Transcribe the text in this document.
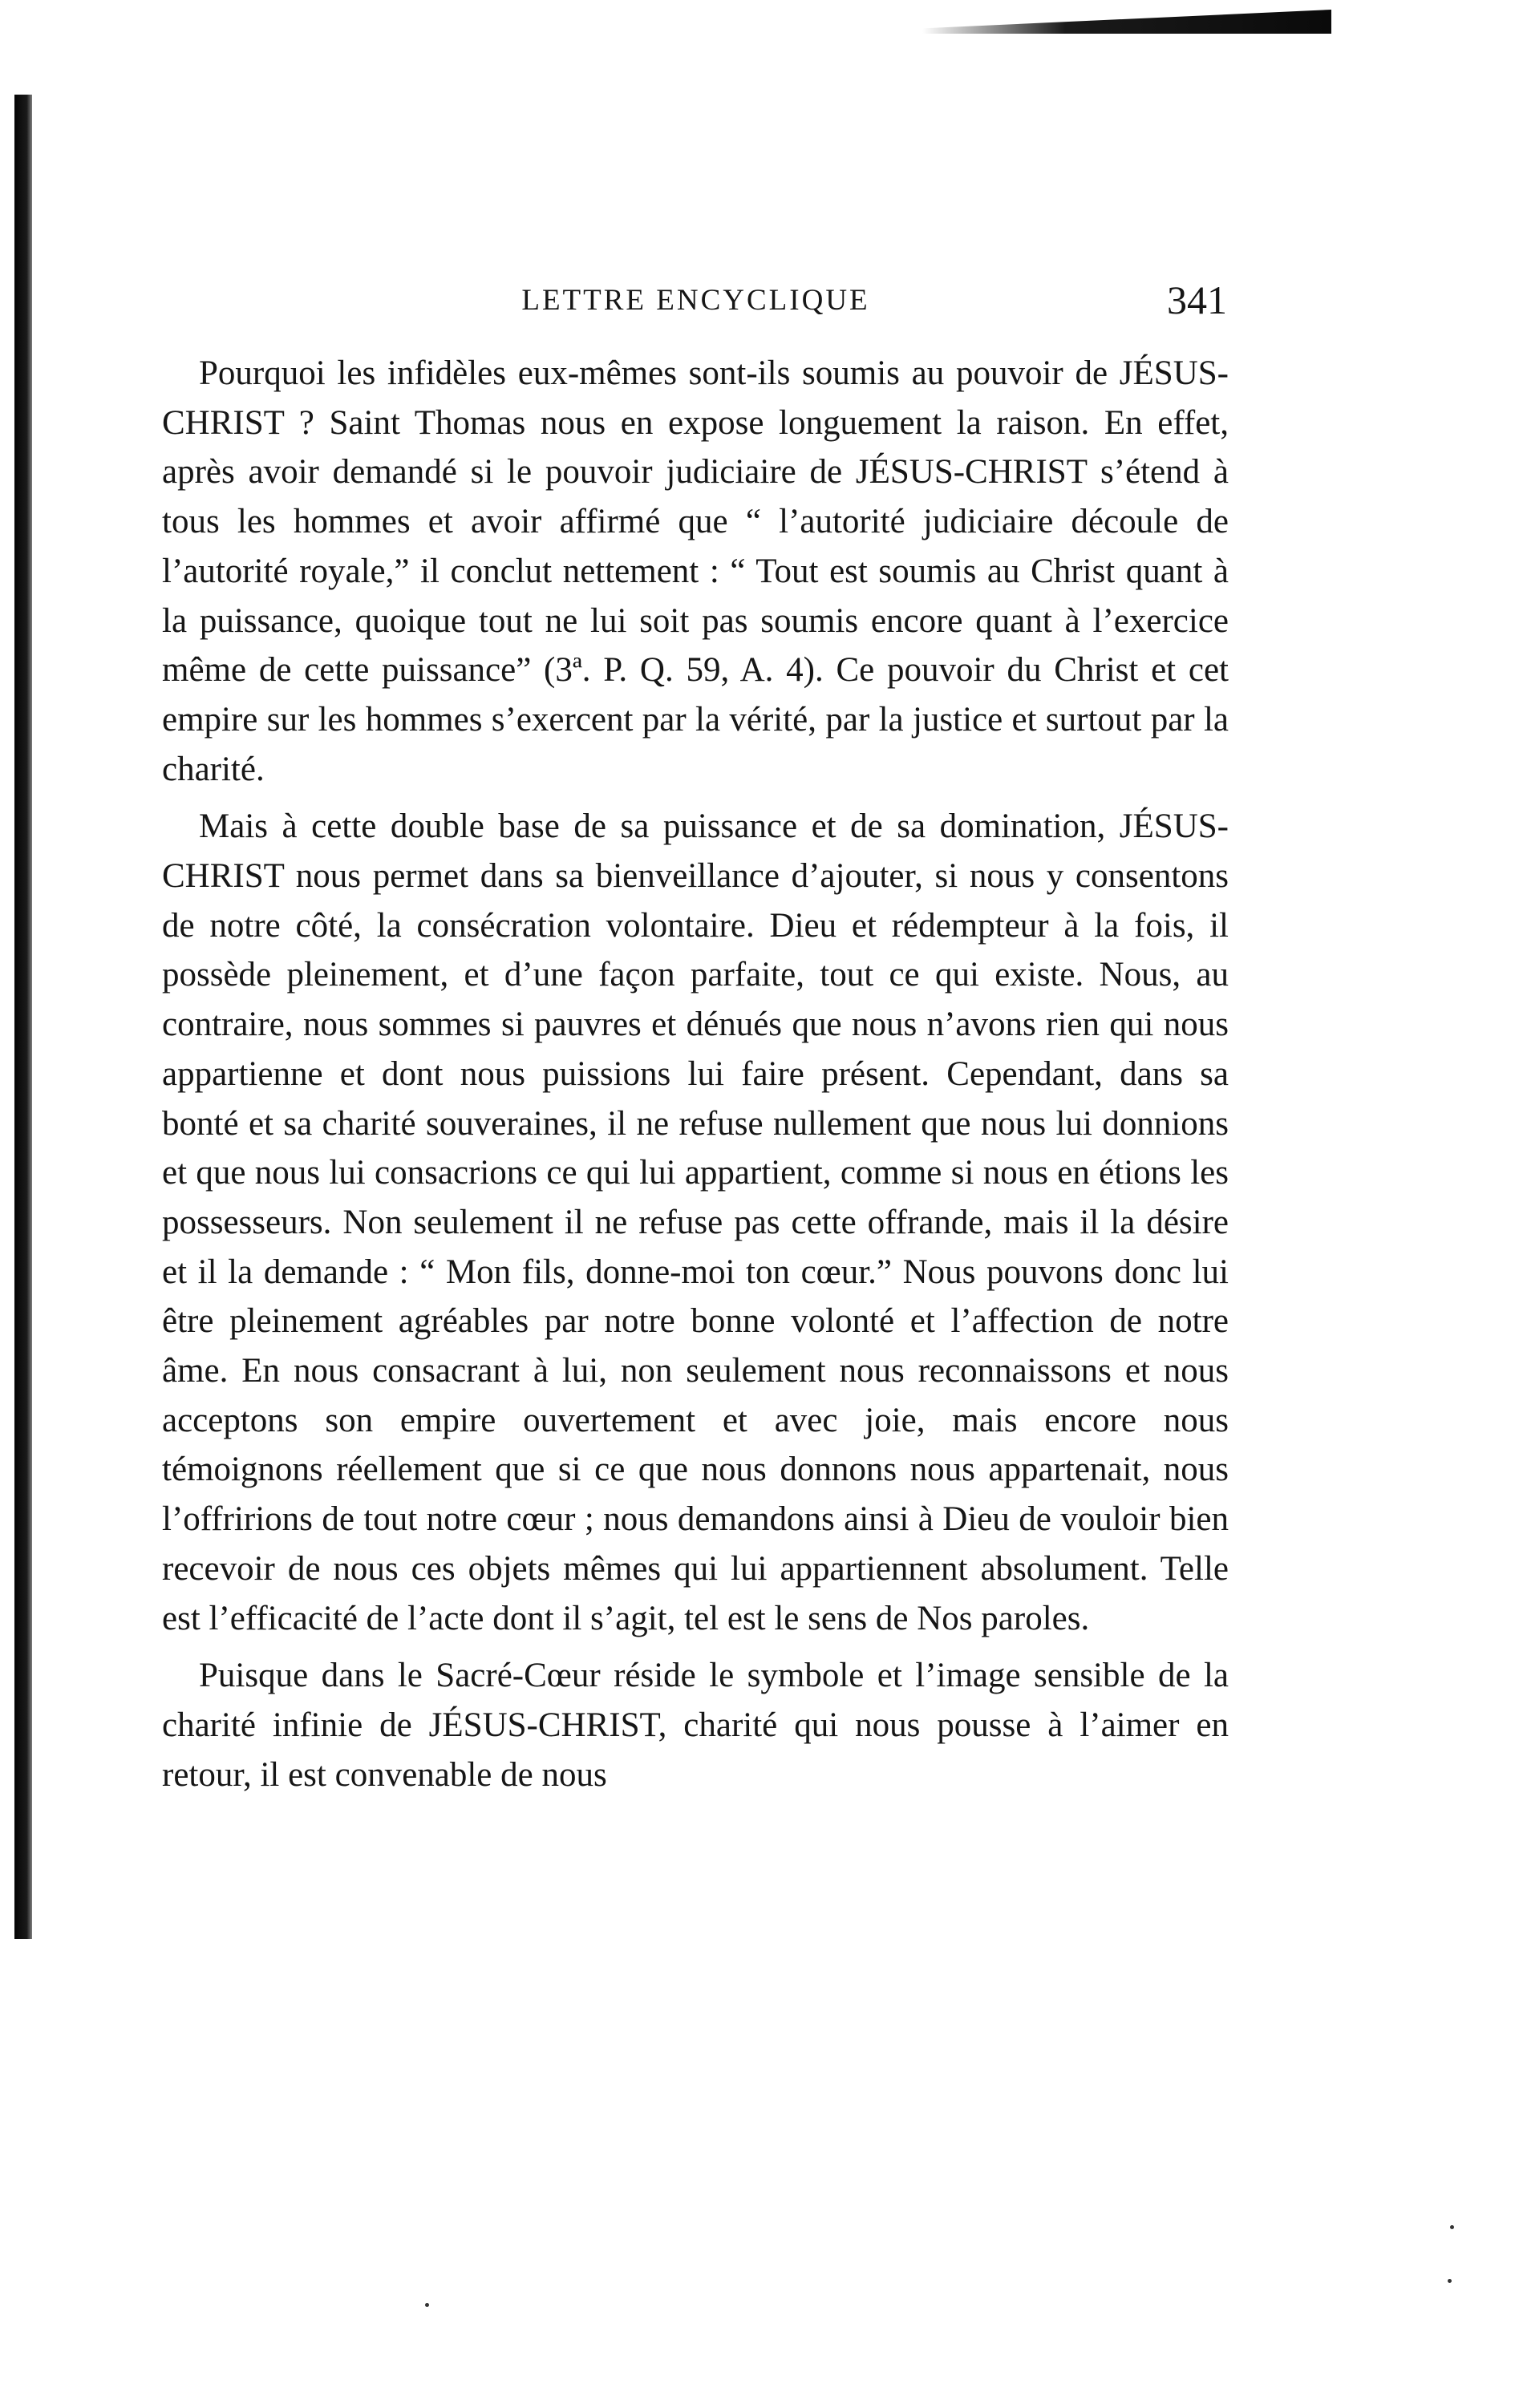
LETTRE ENCYCLIQUE	341

Pourquoi les infidèles eux-mêmes sont-ils soumis au pouvoir de JÉSUS-CHRIST ? Saint Thomas nous en expose longuement la raison. En effet, après avoir demandé si le pouvoir judiciaire de JÉSUS-CHRIST s’étend à tous les hommes et avoir affirmé que “ l’autorité judiciaire découle de l’autorité royale,” il conclut nettement : “ Tout est soumis au Christ quant à la puissance, quoique tout ne lui soit pas soumis encore quant à l’exercice même de cette puissance” (3ª. P. Q. 59, A. 4). Ce pouvoir du Christ et cet empire sur les hommes s’exercent par la vérité, par la justice et surtout par la charité.

Mais à cette double base de sa puissance et de sa domination, JÉSUS-CHRIST nous permet dans sa bienveillance d’ajouter, si nous y consentons de notre côté, la consécration volontaire. Dieu et rédempteur à la fois, il possède pleinement, et d’une façon parfaite, tout ce qui existe. Nous, au contraire, nous sommes si pauvres et dénués que nous n’avons rien qui nous appartienne et dont nous puissions lui faire présent. Cependant, dans sa bonté et sa charité souveraines, il ne refuse nullement que nous lui donnions et que nous lui consacrions ce qui lui appartient, comme si nous en étions les possesseurs. Non seulement il ne refuse pas cette offrande, mais il la désire et il la demande : “ Mon fils, donne-moi ton cœur.” Nous pouvons donc lui être pleinement agréables par notre bonne volonté et l’affection de notre âme. En nous consacrant à lui, non seulement nous reconnaissons et nous acceptons son empire ouvertement et avec joie, mais encore nous témoignons réellement que si ce que nous donnons nous appartenait, nous l’offririons de tout notre cœur ; nous demandons ainsi à Dieu de vouloir bien recevoir de nous ces objets mêmes qui lui appartiennent absolument. Telle est l’efficacité de l’acte dont il s’agit, tel est le sens de Nos paroles.

Puisque dans le Sacré-Cœur réside le symbole et l’image sensible de la charité infinie de JÉSUS-CHRIST, charité qui nous pousse à l’aimer en retour, il est convenable de nous
